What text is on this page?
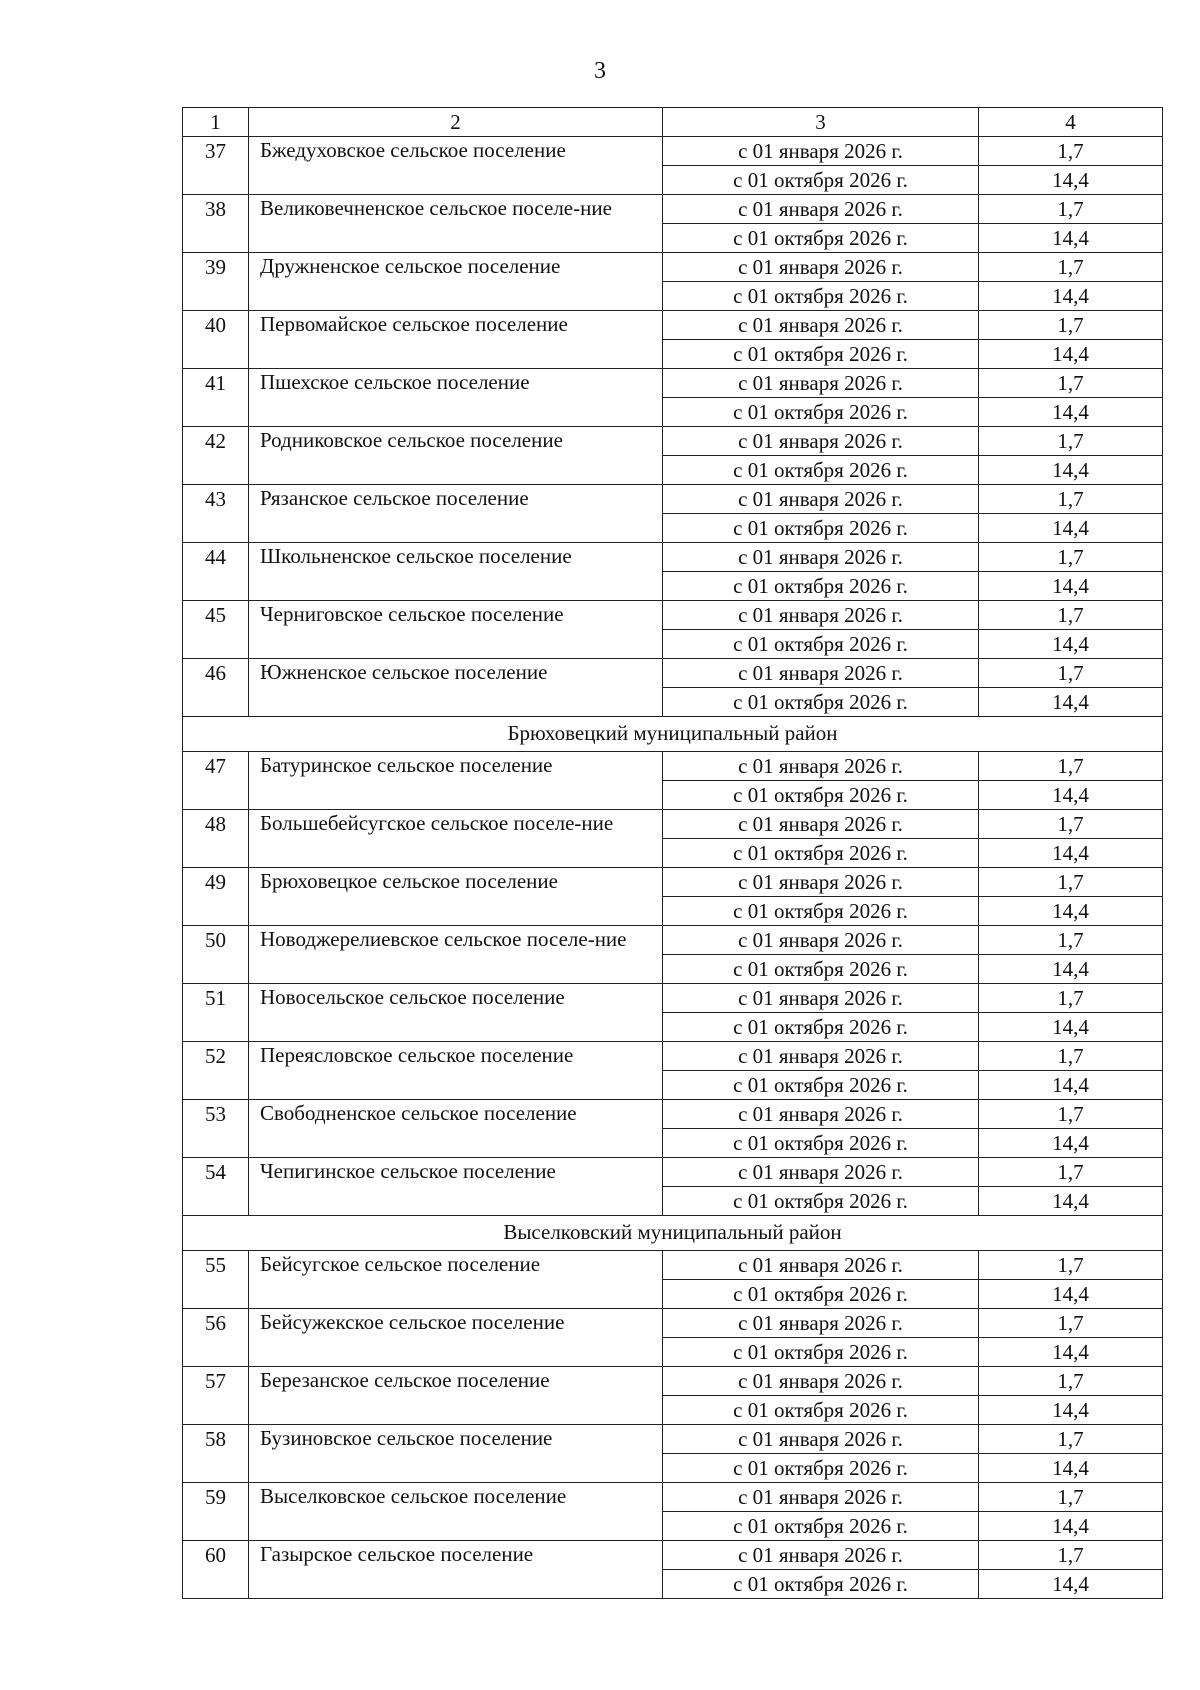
3
1	2	3	4
37	Бжедуховское сельское поселение	с 01 января 2026 г.	1,7
		с 01 октября 2026 г.	14,4
38	Великовечненское сельское поселе-ние	с 01 января 2026 г.	1,7
		с 01 октября 2026 г.	14,4
39	Дружненское сельское поселение	с 01 января 2026 г.	1,7
		с 01 октября 2026 г.	14,4
40	Первомайское сельское поселение	с 01 января 2026 г.	1,7
		с 01 октября 2026 г.	14,4
41	Пшехское сельское поселение	с 01 января 2026 г.	1,7
		с 01 октября 2026 г.	14,4
42	Родниковское сельское поселение	с 01 января 2026 г.	1,7
		с 01 октября 2026 г.	14,4
43	Рязанское сельское поселение	с 01 января 2026 г.	1,7
		с 01 октября 2026 г.	14,4
44	Школьненское сельское поселение	с 01 января 2026 г.	1,7
		с 01 октября 2026 г.	14,4
45	Черниговское сельское поселение	с 01 января 2026 г.	1,7
		с 01 октября 2026 г.	14,4
46	Южненское сельское поселение	с 01 января 2026 г.	1,7
		с 01 октября 2026 г.	14,4
Брюховецкий муниципальный район			
47	Батуринское сельское поселение	с 01 января 2026 г.	1,7
		с 01 октября 2026 г.	14,4
48	Большебейсугское сельское поселе-ние	с 01 января 2026 г.	1,7
		с 01 октября 2026 г.	14,4
49	Брюховецкое сельское поселение	с 01 января 2026 г.	1,7
		с 01 октября 2026 г.	14,4
50	Новоджерелиевское сельское поселе-ние	с 01 января 2026 г.	1,7
		с 01 октября 2026 г.	14,4
51	Новосельское сельское поселение	с 01 января 2026 г.	1,7
		с 01 октября 2026 г.	14,4
52	Переясловское сельское поселение	с 01 января 2026 г.	1,7
		с 01 октября 2026 г.	14,4
53	Свободненское сельское поселение	с 01 января 2026 г.	1,7
		с 01 октября 2026 г.	14,4
54	Чепигинское сельское поселение	с 01 января 2026 г.	1,7
		с 01 октября 2026 г.	14,4
Выселковский муниципальный район			
55	Бейсугское сельское поселение	с 01 января 2026 г.	1,7
		с 01 октября 2026 г.	14,4
56	Бейсужекское сельское поселение	с 01 января 2026 г.	1,7
		с 01 октября 2026 г.	14,4
57	Березанское сельское поселение	с 01 января 2026 г.	1,7
		с 01 октября 2026 г.	14,4
58	Бузиновское сельское поселение	с 01 января 2026 г.	1,7
		с 01 октября 2026 г.	14,4
59	Выселковское сельское поселение	с 01 января 2026 г.	1,7
		с 01 октября 2026 г.	14,4
60	Газырское сельское поселение	с 01 января 2026 г.	1,7
		с 01 октября 2026 г.	14,4
